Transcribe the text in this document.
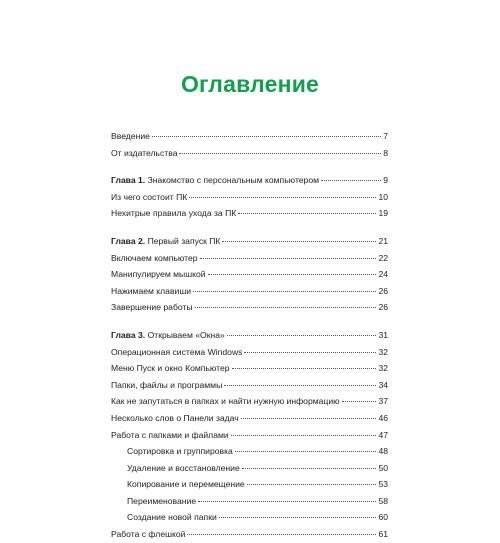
Оглавление
Введение	7
От издательства	8
Глава 1. Знакомство с персональным компьютером	9
Из чего состоит ПК	10
Нехитрые правила ухода за ПК	19
Глава 2. Первый запуск ПК	21
Включаем компьютер	22
Манипулируем мышкой	24
Нажимаем клавиши	26
Завершение работы	26
Глава 3. Открываем «Окна»	31
Операционная система Windows	32
Меню Пуск и окно Компьютер	32
Папки, файлы и программы	34
Как не запутаться в папках и найти нужную информацию	37
Несколько слов о Панели задач	46
Работа с папками и файлами	47
Сортировка и группировка	48
Удаление и восстановление	50
Копирование и перемещение	53
Переименование	58
Создание новой папки	60
Работа с флешкой	61
